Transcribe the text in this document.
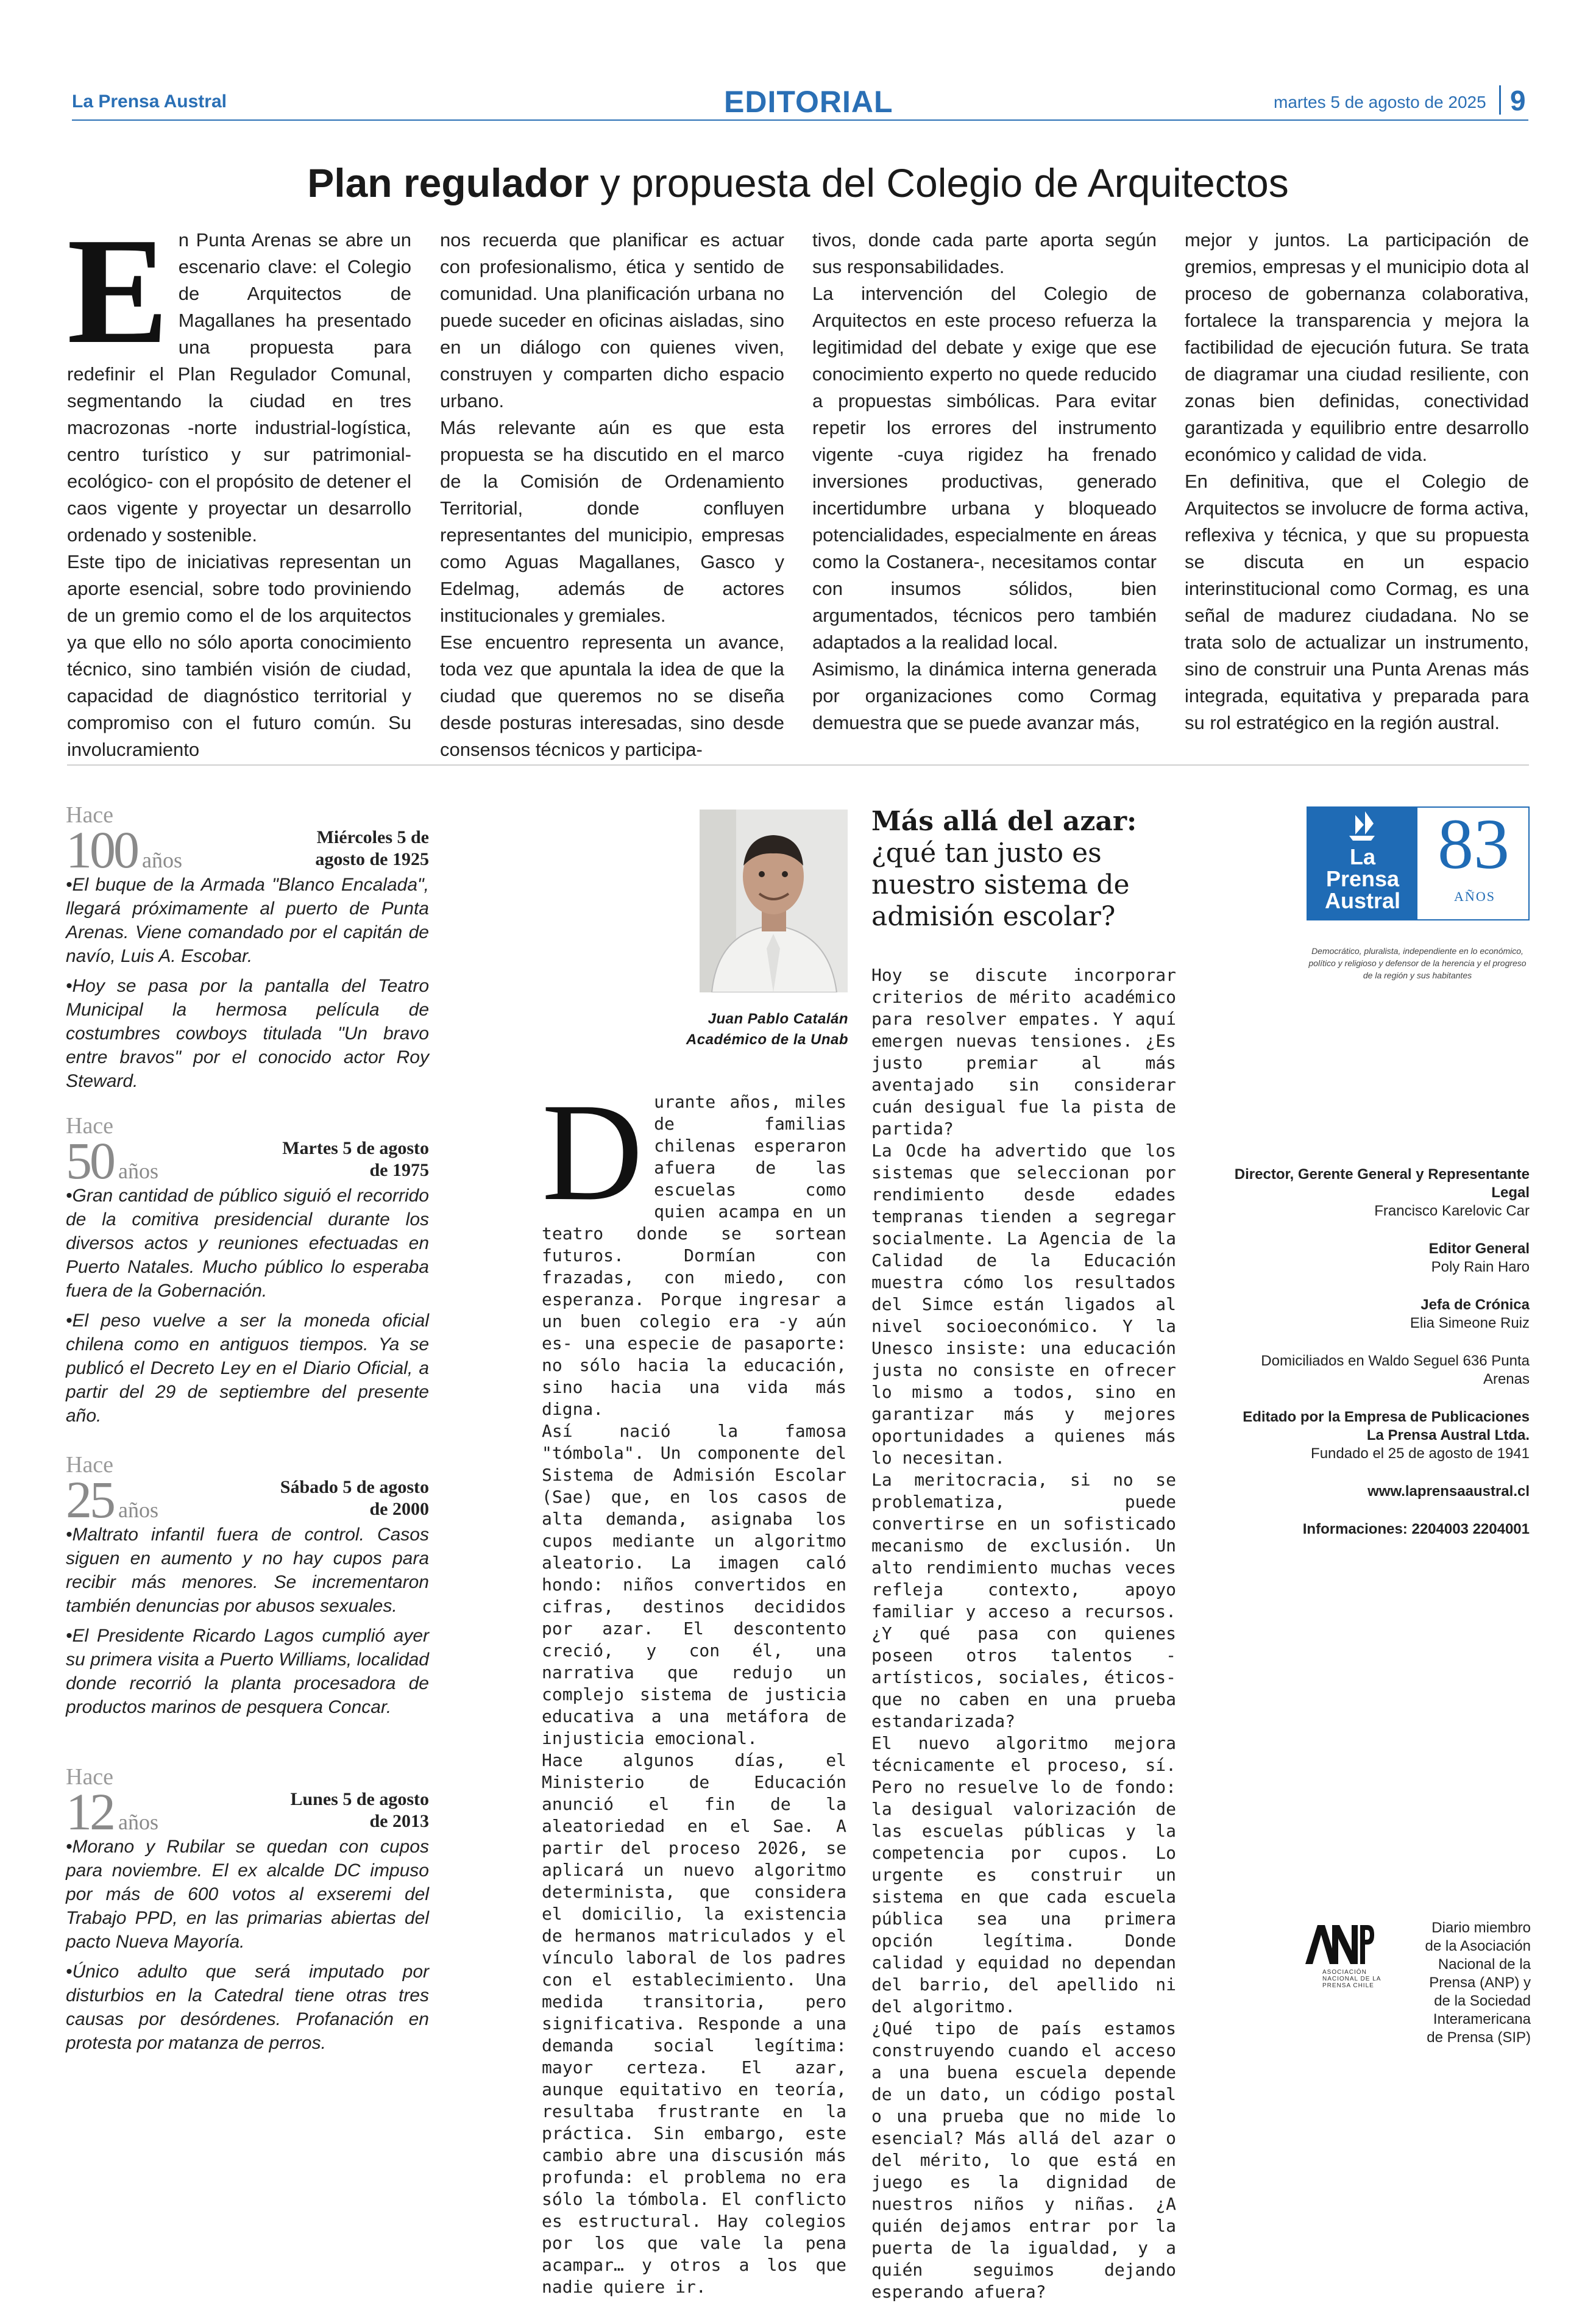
La Prensa Austral	EDITORIAL	martes 5 de agosto de 2025 9
Plan regulador y propuesta del Colegio de Arquitectos
E n Punta Arenas se abre un escenario clave: el Colegio de Arquitectos de Magallanes ha presentado una propuesta para redefinir el Plan Regulador Comunal, segmentando la ciudad en tres macrozonas -norte industrial-logística, centro turístico y sur patrimonial-ecológico- con el propósito de detener el caos vigente y proyectar un desarrollo ordenado y sostenible.

Este tipo de iniciativas representan un aporte esencial, sobre todo proviniendo de un gremio como el de los arquitectos ya que ello no sólo aporta conocimiento técnico, sino también visión de ciudad, capacidad de diagnóstico territorial y compromiso con el futuro común. Su involucramiento

nos recuerda que planificar es actuar con profesionalismo, ética y sentido de comunidad. Una planificación urbana no puede suceder en oficinas aisladas, sino en un diálogo con quienes viven, construyen y comparten dicho espacio urbano.

Más relevante aún es que esta propuesta se ha discutido en el marco de la Comisión de Ordenamiento Territorial, donde confluyen representantes del municipio, empresas como Aguas Magallanes, Gasco y Edelmag, además de actores institucionales y gremiales.

Ese encuentro representa un avance, toda vez que apuntala la idea de que la ciudad que queremos no se diseña desde posturas interesadas, sino desde consensos técnicos y participa-

tivos, donde cada parte aporta según sus responsabilidades.

La intervención del Colegio de Arquitectos en este proceso refuerza la legitimidad del debate y exige que ese conocimiento experto no quede reducido a propuestas simbólicas. Para evitar repetir los errores del instrumento vigente -cuya rigidez ha frenado inversiones productivas, generado incertidumbre urbana y bloqueado potencialidades, especialmente en áreas como la Costanera-, necesitamos contar con insumos sólidos, bien argumentados, técnicos pero también adaptados a la realidad local.

Asimismo, la dinámica interna generada por organizaciones como Cormag demuestra que se puede avanzar más,

mejor y juntos. La participación de gremios, empresas y el municipio dota al proceso de gobernanza colaborativa, fortalece la transparencia y mejora la factibilidad de ejecución futura. Se trata de diagramar una ciudad resiliente, con zonas bien definidas, conectividad garantizada y equilibrio entre desarrollo económico y calidad de vida.

En definitiva, que el Colegio de Arquitectos se involucre de forma activa, reflexiva y técnica, y que su propuesta se discuta en un espacio interinstitucional como Cormag, es una señal de madurez ciudadana. No se trata solo de actualizar un instrumento, sino de construir una Punta Arenas más integrada, equitativa y preparada para su rol estratégico en la región austral.

Hace
100 años
Miércoles 5 de agosto de 1925

•El buque de la Armada "Blanco Encalada", llegará próximamente al puerto de Punta Arenas. Viene comandado por el capitán de navío, Luis A. Escobar.

•Hoy se pasa por la pantalla del Teatro Municipal la hermosa película de costumbres cowboys titulada "Un bravo entre bravos" por el conocido actor Roy Steward.

Hace
50 años
Martes 5 de agosto de 1975

•Gran cantidad de público siguió el recorrido de la comitiva presidencial durante los diversos actos y reuniones efectuadas en Puerto Natales. Mucho público lo esperaba fuera de la Gobernación.

•El peso vuelve a ser la moneda oficial chilena como en antiguos tiempos. Ya se publicó el Decreto Ley en el Diario Oficial, a partir del 29 de septiembre del presente año.

Hace
25 años
Sábado 5 de agosto de 2000

•Maltrato infantil fuera de control. Casos siguen en aumento y no hay cupos para recibir más menores. Se incrementaron también denuncias por abusos sexuales.

•El Presidente Ricardo Lagos cumplió ayer su primera visita a Puerto Williams, localidad donde recorrió la planta procesadora de productos marinos de pesquera Concar.

Hace
12 años
Lunes 5 de agosto de 2013

•Morano y Rubilar se quedan con cupos para noviembre. El ex alcalde DC impuso por más de 600 votos al exseremi del Trabajo PPD, en las primarias abiertas del pacto Nueva Mayoría.

•Único adulto que será imputado por disturbios en la Catedral tiene otras tres causas por desórdenes. Profanación en protesta por matanza de perros.

Juan Pablo Catalán
Académico de la Unab
Más allá del azar: ¿qué tan justo es nuestro sistema de admisión escolar?
D urante años, miles de familias chilenas esperaron afuera de las escuelas como quien acampa en un teatro donde se sortean futuros. Dormían con frazadas, con miedo, con esperanza. Porque ingresar a un buen colegio era -y aún es- una especie de pasaporte: no sólo hacia la educación, sino hacia una vida más digna.

Así nació la famosa "tómbola". Un componente del Sistema de Admisión Escolar (Sae) que, en los casos de alta demanda, asignaba los cupos mediante un algoritmo aleatorio. La imagen caló hondo: niños convertidos en cifras, destinos decididos por azar. El descontento creció, y con él, una narrativa que redujo un complejo sistema de justicia educativa a una metáfora de injusticia emocional.

Hace algunos días, el Ministerio de Educación anunció el fin de la aleatoriedad en el Sae. A partir del proceso 2026, se aplicará un nuevo algoritmo determinista, que considera el domicilio, la existencia de hermanos matriculados y el vínculo laboral de los padres con el establecimiento. Una medida transitoria, pero significativa. Responde a una demanda social legítima: mayor certeza. El azar, aunque equitativo en teoría, resultaba frustrante en la práctica. Sin embargo, este cambio abre una discusión más profunda: el problema no era sólo la tómbola. El conflicto es estructural. Hay colegios por los que vale la pena acampar… y otros a los que nadie quiere ir.

Hoy se discute incorporar criterios de mérito académico para resolver empates. Y aquí emergen nuevas tensiones. ¿Es justo premiar al más aventajado sin considerar cuán desigual fue la pista de partida?

La Ocde ha advertido que los sistemas que seleccionan por rendimiento desde edades tempranas tienden a segregar socialmente. La Agencia de la Calidad de la Educación muestra cómo los resultados del Simce están ligados al nivel socioeconómico. Y la Unesco insiste: una educación justa no consiste en ofrecer lo mismo a todos, sino en garantizar más y mejores oportunidades a quienes más lo necesitan.

La meritocracia, si no se problematiza, puede convertirse en un sofisticado mecanismo de exclusión. Un alto rendimiento muchas veces refleja contexto, apoyo familiar y acceso a recursos. ¿Y qué pasa con quienes poseen otros talentos -artísticos, sociales, éticos- que no caben en una prueba estandarizada?

El nuevo algoritmo mejora técnicamente el proceso, sí. Pero no resuelve lo de fondo: la desigual valorización de las escuelas públicas y la competencia por cupos. Lo urgente es construir un sistema en que cada escuela pública sea una primera opción legítima. Donde calidad y equidad no dependan del barrio, del apellido ni del algoritmo.

¿Qué tipo de país estamos construyendo cuando el acceso a una buena escuela depende de un dato, un código postal o una prueba que no mide lo esencial? Más allá del azar o del mérito, lo que está en juego es la dignidad de nuestros niños y niñas. ¿A quién dejamos entrar por la puerta de la igualdad, y a quién seguimos dejando esperando afuera?

La
Prensa
Austral
83
AÑOS
Democrático, pluralista, independiente en lo económico, político y religioso y defensor de la herencia y el progreso de la región y sus habitantes
Director, Gerente General y Representante Legal
Francisco Karelovic Car
Editor General
Poly Rain Haro
Jefa de Crónica
Elia Simeone Ruiz
Domiciliados en Waldo Seguel 636 Punta Arenas
Editado por la Empresa de Publicaciones La Prensa Austral Ltda.
Fundado el 25 de agosto de 1941
www.laprensaaustral.cl
Informaciones: 2204003 2204001
ASOCIACIÓN NACIONAL DE LA PRENSA CHILE
Diario miembro de la Asociación Nacional de la Prensa (ANP) y de la Sociedad Interamericana de Prensa (SIP)
